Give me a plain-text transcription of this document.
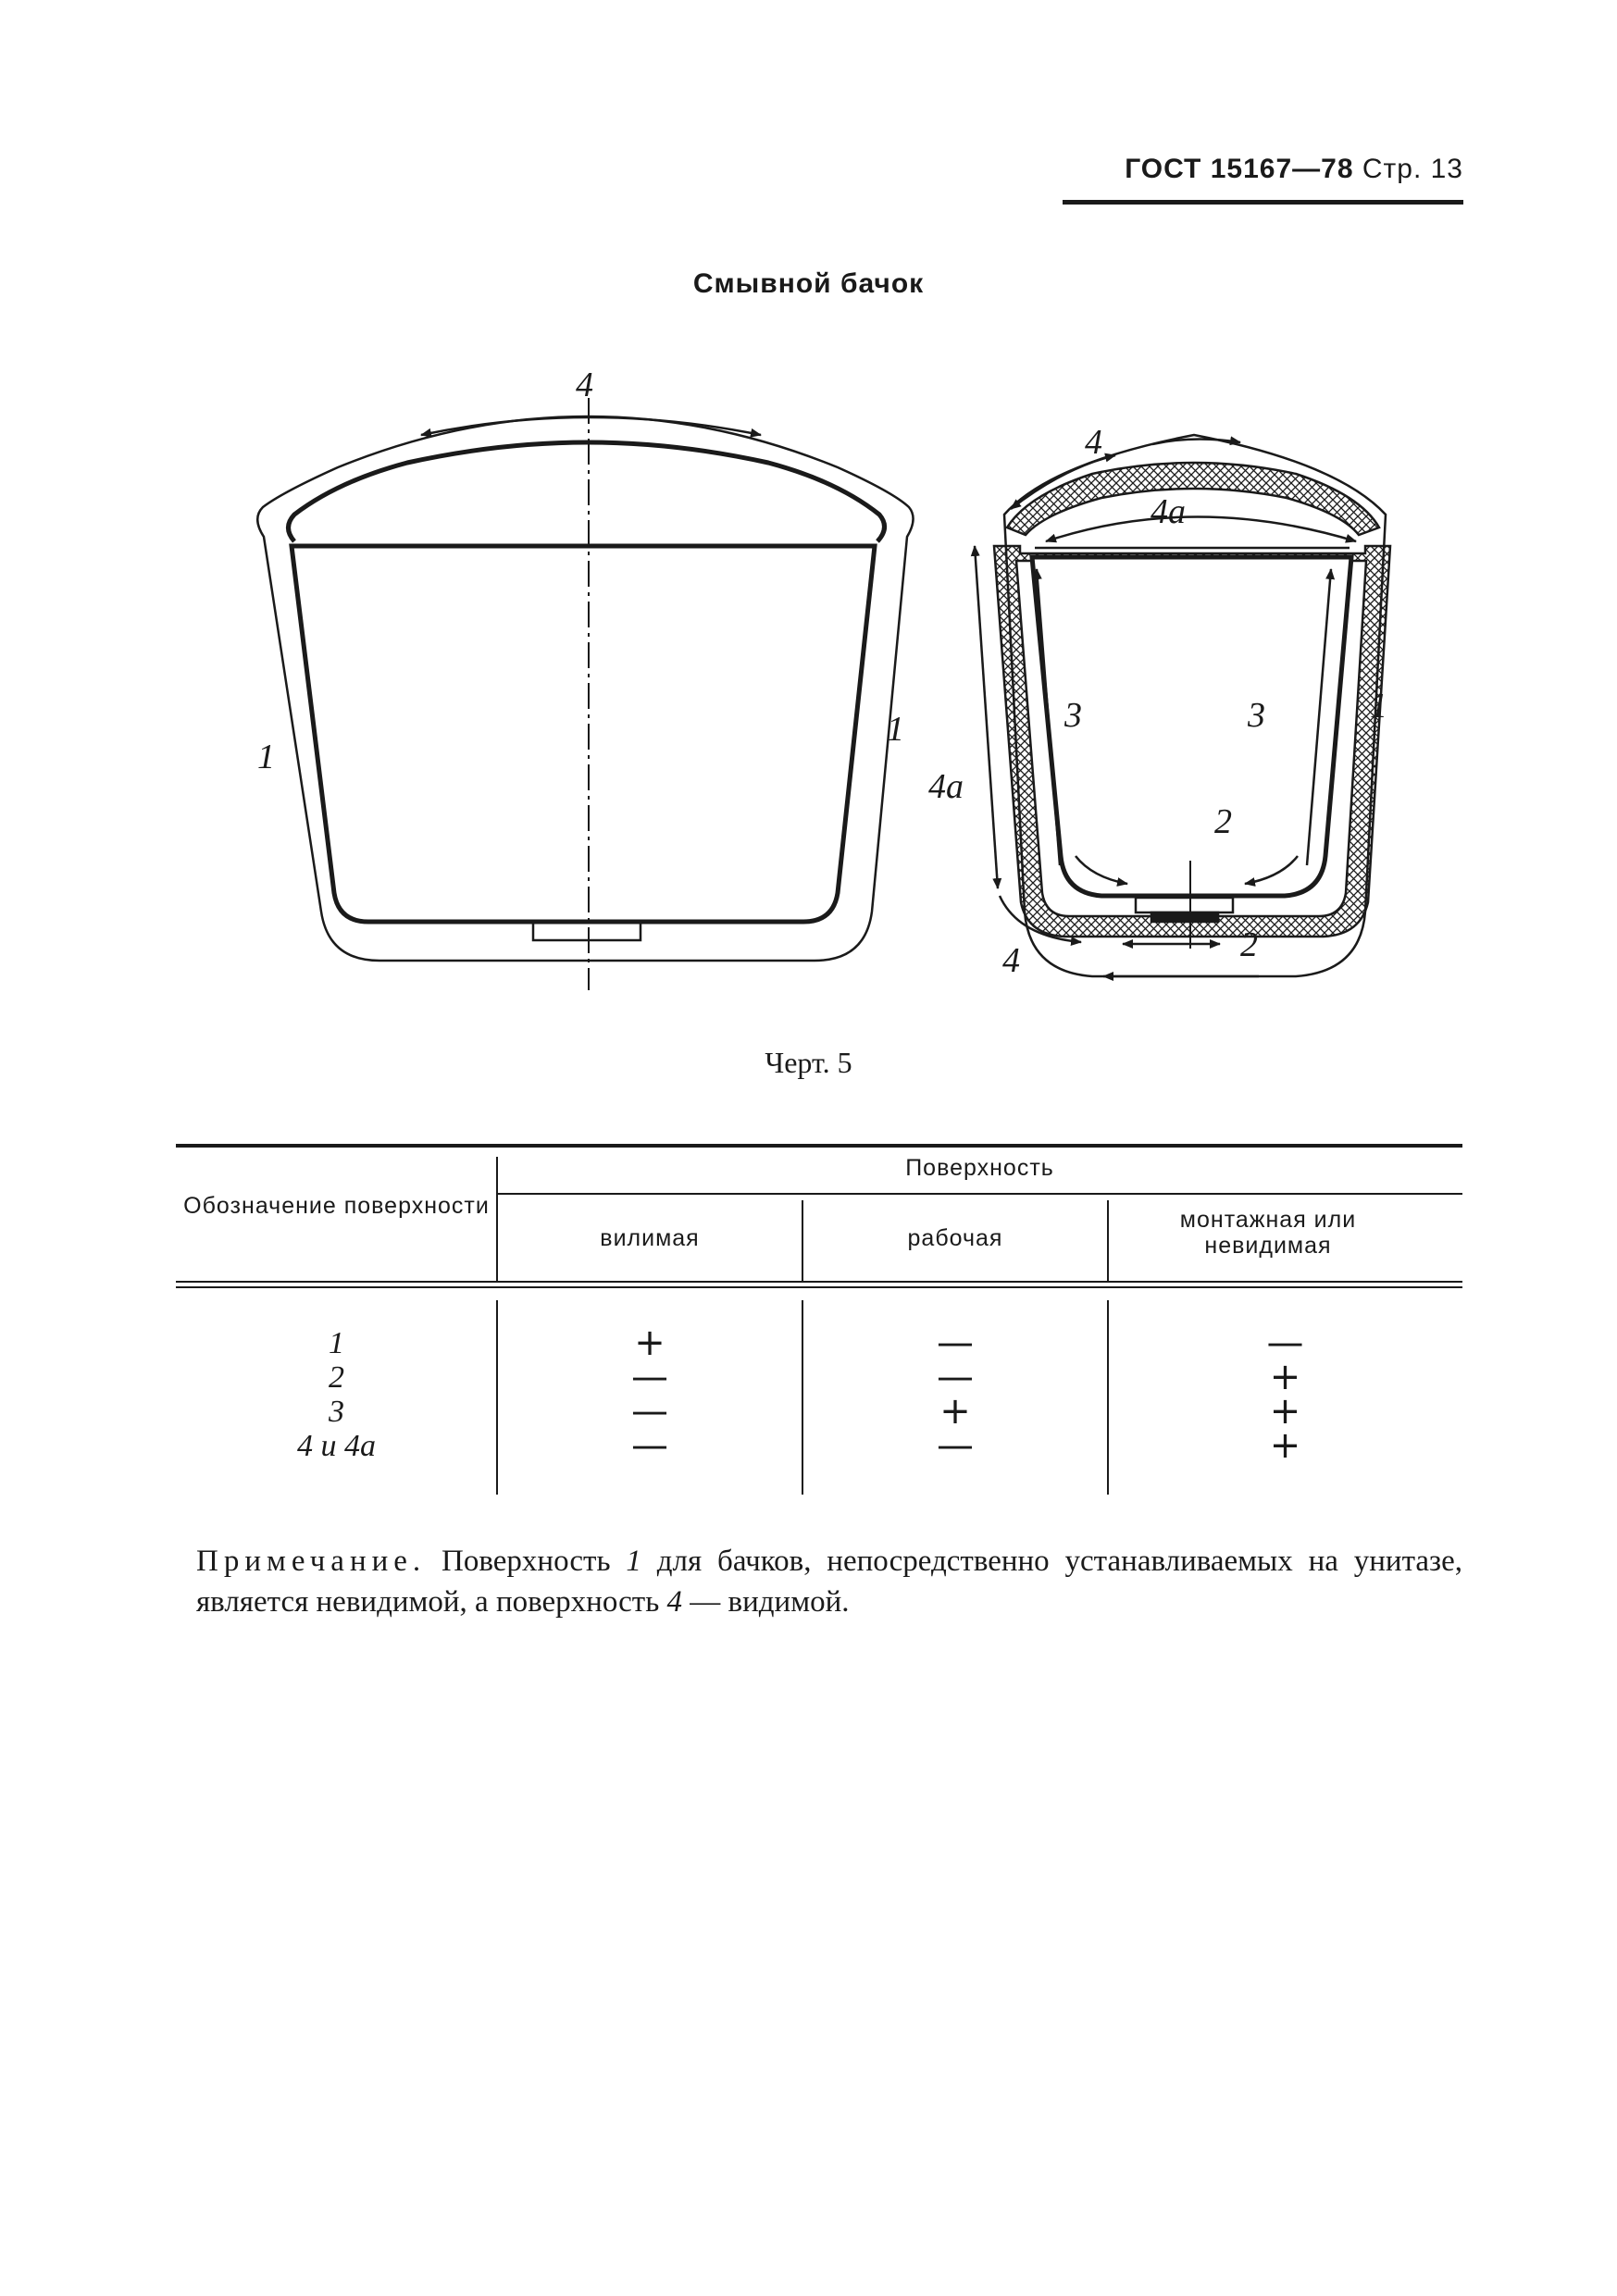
ГОСТ 15167—78 Стр. 13
Смывной бачок
4
1
1
4
4а
4а
1
3	3
2
2
4
Черт. 5
Обозначение поверхности
Поверхность
вилимая	рабочая
монтажная или невидимая
1	+	—	—
2	—	—	+
3	—	+	+
4 и 4а	—	—	+
Примечание. Поверхность 1 для бачков, непосредственно устанавливаемых на унитазе, является невидимой, а поверхность 4 — видимой.
